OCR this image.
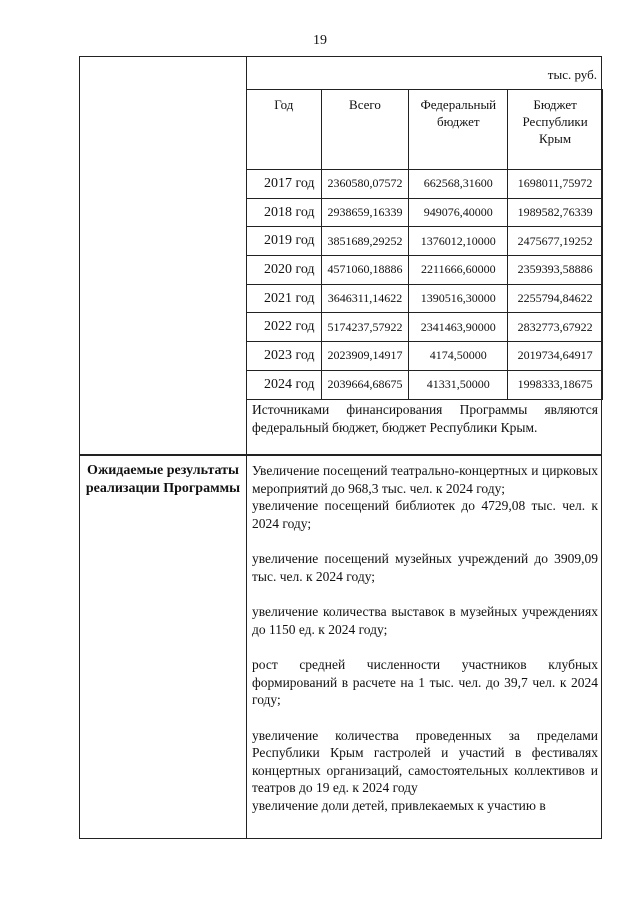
19
тыс. руб.
Год	Всего	Федеральный бюджет	Бюджет Республики Крым
2017 год	2360580,07572	662568,31600	1698011,75972
2018 год	2938659,16339	949076,40000	1989582,76339
2019 год	3851689,29252	1376012,10000	2475677,19252
2020 год	4571060,18886	2211666,60000	2359393,58886
2021 год	3646311,14622	1390516,30000	2255794,84622
2022 год	5174237,57922	2341463,90000	2832773,67922
2023 год	2023909,14917	4174,50000	2019734,64917
2024 год	2039664,68675	41331,50000	1998333,18675
Источниками финансирования Программы являются федеральный бюджет, бюджет Республики Крым.
Ожидаемые результаты реализации Программы

Увеличение посещений театрально-концертных и цирковых мероприятий до 968,3 тыс. чел. к 2024 году;

увеличение посещений библиотек до 4729,08 тыс. чел. к 2024 году;

увеличение посещений музейных учреждений до 3909,09 тыс. чел. к 2024 году;

увеличение количества выставок в музейных учреждениях до 1150 ед. к 2024 году;

рост средней численности участников клубных формирований в расчете на 1 тыс. чел. до 39,7 чел. к 2024 году;

увеличение количества проведенных за пределами Республики Крым гастролей и участий в фестивалях концертных организаций, самостоятельных коллективов и театров до 19 ед. к 2024 году

увеличение доли детей, привлекаемых к участию в
